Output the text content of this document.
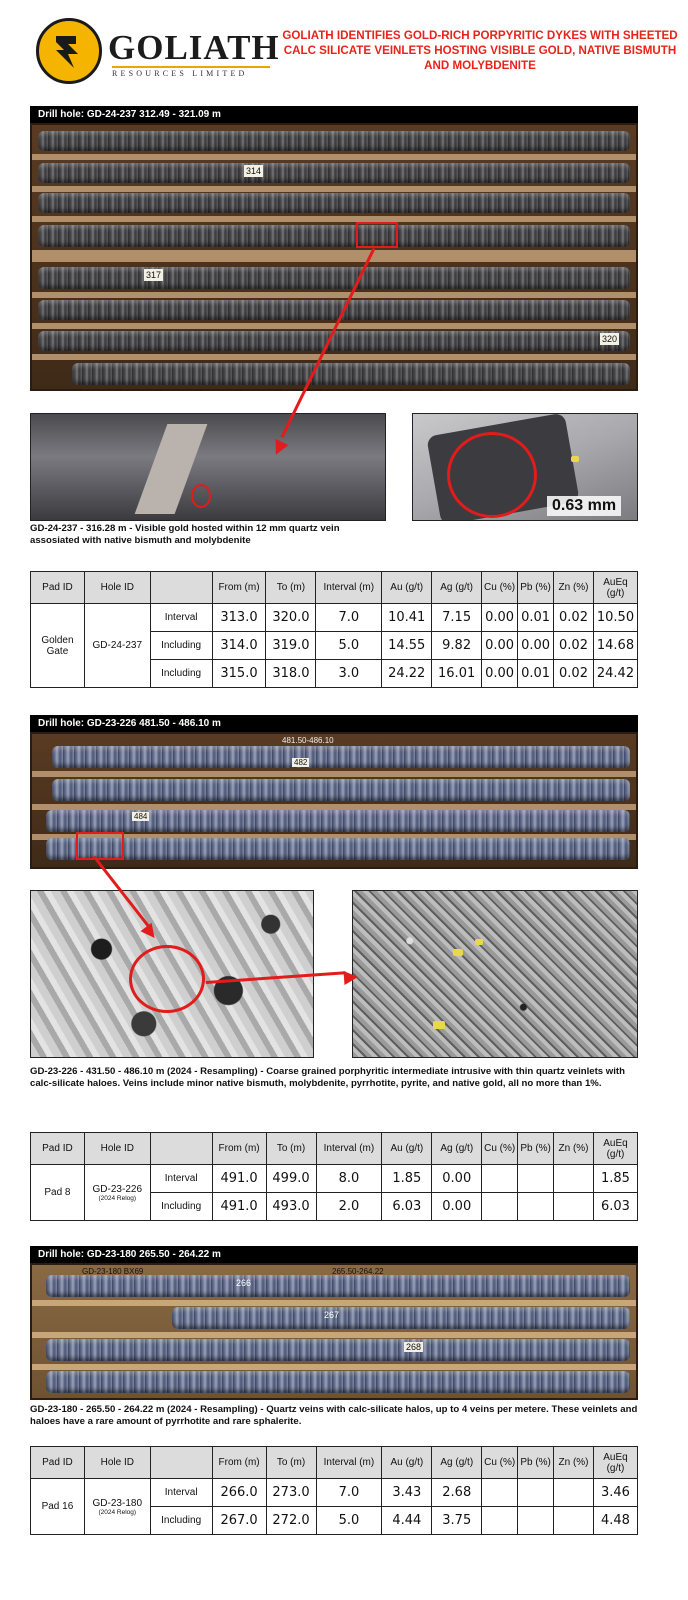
GOLIATH
RESOURCES LIMITED
GOLIATH IDENTIFIES GOLD-RICH PORPYRITIC DYKES WITH SHEETED CALC SILICATE VEINLETS HOSTING VISIBLE GOLD, NATIVE BISMUTH AND MOLYBDENITE
Drill hole: GD-24-237 312.49 - 321.09 m
314
317
320
0.63 mm
GD-24-237 - 316.28 m - Visible gold hosted within 12 mm quartz vein assosiated with native bismuth and molybdenite
Pad ID	Hole ID		From (m)	To (m)	Interval (m)	Au (g/t)	Ag (g/t)	Cu (%)	Pb (%)	Zn (%)	AuEq (g/t)
Golden Gate	GD-24-237	Interval	313.0	320.0	7.0	10.41	7.15	0.00	0.01	0.02	10.50
		Including	314.0	319.0	5.0	14.55	9.82	0.00	0.00	0.02	14.68
		Including	315.0	318.0	3.0	24.22	16.01	0.00	0.01	0.02	24.42
Drill hole: GD-23-226 481.50 - 486.10 m
481.50-486.10
482
484
GD-23-226 - 431.50 - 486.10 m (2024 - Resampling) - Coarse grained porphyritic intermediate intrusive with thin quartz veinlets with calc-silicate haloes. Veins include minor native bismuth, molybdenite, pyrrhotite, pyrite, and native gold, all no more than 1%.
Pad ID	Hole ID		From (m)	To (m)	Interval (m)	Au (g/t)	Ag (g/t)	Cu (%)	Pb (%)	Zn (%)	AuEq (g/t)
Pad 8	GD-23-226
(2024 Relog)	Interval	491.0	499.0	8.0	1.85	0.00				1.85
		Including	491.0	493.0	2.0	6.03	0.00				6.03
Drill hole: GD-23-180 265.50 - 264.22 m
GD-23-180 BX69	265.50-264.22
266
267
268
GD-23-180 - 265.50 - 264.22 m (2024 - Resampling) - Quartz veins with calc-silicate halos, up to 4 veins per metere. These veinlets and haloes have a rare amount of pyrrhotite and rare sphalerite.
Pad ID	Hole ID		From (m)	To (m)	Interval (m)	Au (g/t)	Ag (g/t)	Cu (%)	Pb (%)	Zn (%)	AuEq (g/t)
Pad 16	GD-23-180
(2024 Relog)	Interval	266.0	273.0	7.0	3.43	2.68				3.46
		Including	267.0	272.0	5.0	4.44	3.75				4.48
